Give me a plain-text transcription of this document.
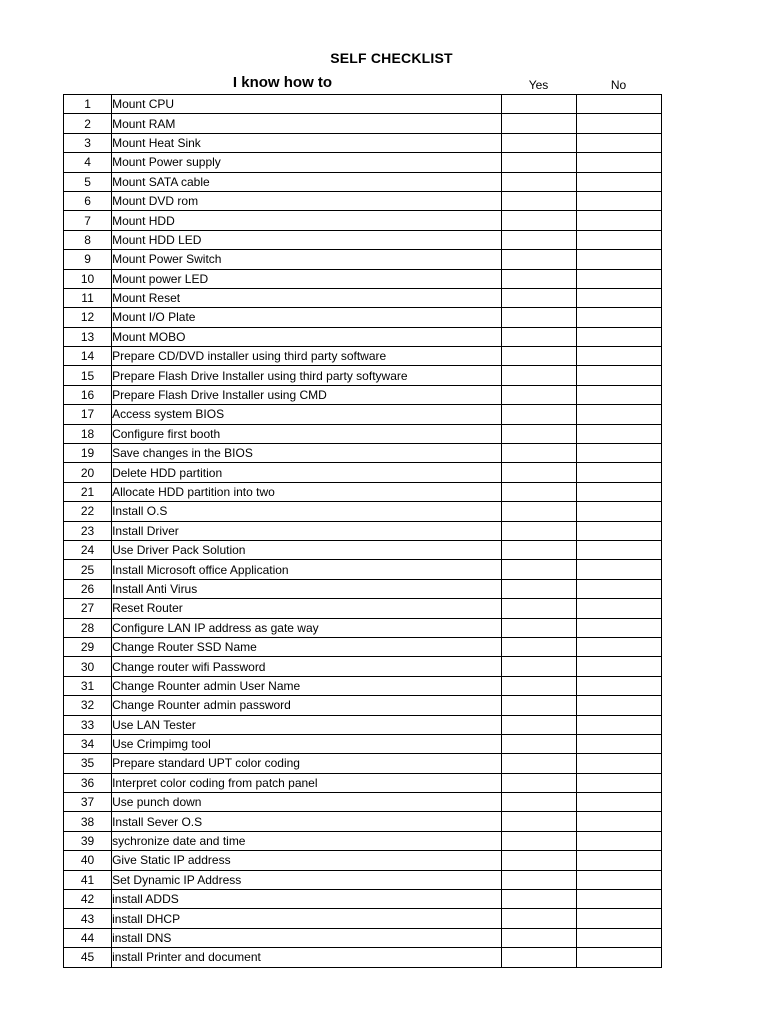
SELF CHECKLIST
I know how to	Yes	No
1	Mount CPU		
2	Mount RAM		
3	Mount Heat Sink		
4	Mount Power supply		
5	Mount SATA cable		
6	Mount DVD rom		
7	Mount HDD		
8	Mount HDD LED		
9	Mount Power Switch		
10	Mount power LED		
11	Mount Reset		
12	Mount I/O Plate		
13	Mount MOBO		
14	Prepare CD/DVD installer using third party software		
15	Prepare Flash Drive Installer using third party softyware		
16	Prepare Flash Drive Installer using CMD		
17	Access system BIOS		
18	Configure first booth		
19	Save changes in the BIOS		
20	Delete HDD partition		
21	Allocate HDD partition into two		
22	Install O.S		
23	Install Driver		
24	Use Driver Pack Solution		
25	Install Microsoft office Application		
26	Install Anti Virus		
27	Reset Router		
28	Configure LAN IP address as gate way		
29	Change Router SSD Name		
30	Change router wifi Password		
31	Change Rounter admin User Name		
32	Change Rounter admin password		
33	Use LAN Tester		
34	Use Crimpimg tool		
35	Prepare standard UPT color coding		
36	Interpret color coding from patch panel		
37	Use punch down		
38	Install Sever O.S		
39	sychronize date and time		
40	Give Static IP address		
41	Set Dynamic IP Address		
42	install ADDS		
43	install DHCP		
44	install DNS		
45	install Printer and document		
